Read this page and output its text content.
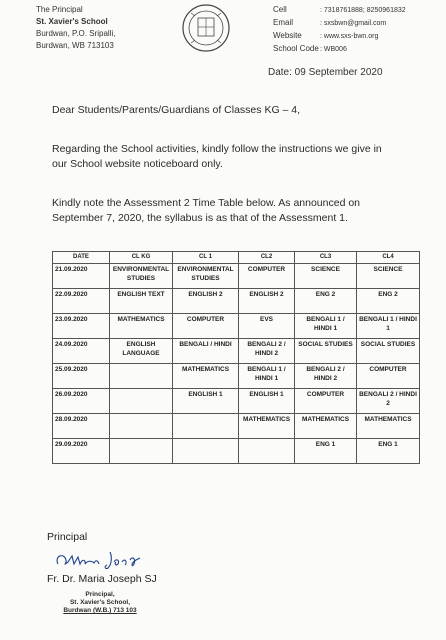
The Principal
St. Xavier's School
Burdwan, P.O. Sripalli,
Burdwan, WB 713103
Cell	: 7318761888; 8250961832
Email	: sxsbwn@gmail.com
Website	: www.sxs-bwn.org
School Code: WB006
Date: 09 September 2020
Dear Students/Parents/Guardians of Classes KG – 4,
Regarding the School activities, kindly follow the instructions we give in our School website noticeboard only.
Kindly note the Assessment 2 Time Table below. As announced on September 7, 2020, the syllabus is as that of the Assessment 1.
DATE	CL KG	CL 1	CL2	CL3	CL4
21.09.2020	ENVIRONMENTAL STUDIES	ENVIRONMENTAL STUDIES	COMPUTER	SCIENCE	SCIENCE
22.09.2020	ENGLISH TEXT	ENGLISH 2	ENGLISH 2	ENG 2	ENG 2
23.09.2020	MATHEMATICS	COMPUTER	EVS	BENGALI 1 / HINDI 1	BENGALI 1 / HINDI 1
24.09.2020	ENGLISH LANGUAGE	BENGALI / HINDI	BENGALI 2 / HINDI 2	SOCIAL STUDIES	SOCIAL STUDIES
25.09.2020		MATHEMATICS	BENGALI 1 / HINDI 1	BENGALI 2 / HINDI 2	COMPUTER
26.09.2020		ENGLISH 1	ENGLISH 1	COMPUTER	BENGALI 2 / HINDI 2
28.09.2020			MATHEMATICS	MATHEMATICS	MATHEMATICS
29.09.2020				ENG 1	ENG 1
Principal
Fr. Dr. Maria Joseph SJ
Principal,
St. Xavier's School,
Burdwan (W.B.) 713 103
